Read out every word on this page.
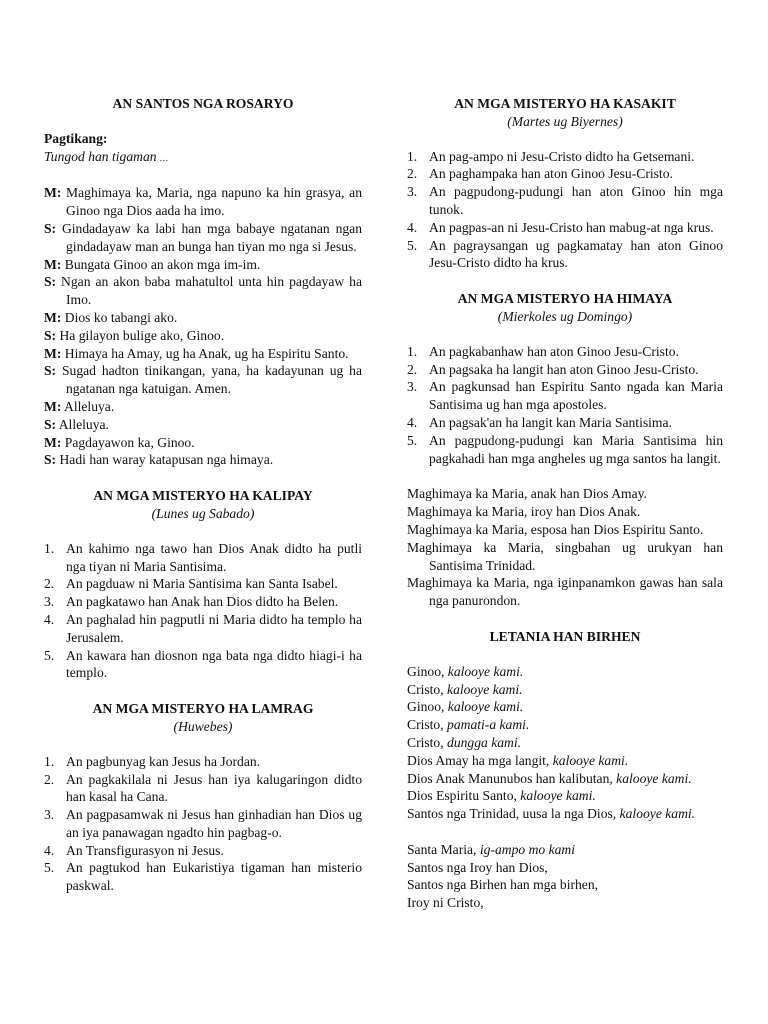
AN SANTOS NGA ROSARYO

Pagtikang:

Tungod han tigaman …

M: Maghimaya ka, Maria, nga napuno ka hin grasya, an Ginoo nga Dios aada ha imo.

S: Gindadayaw ka labi han mga babaye ngatanan ngan gindadayaw man an bunga han tiyan mo nga si Jesus.

M: Bungata Ginoo an akon mga im-im.

S: Ngan an akon baba mahatultol unta hin pagdayaw ha Imo.

M: Dios ko tabangi ako.

S: Ha gilayon bulige ako, Ginoo.

M: Himaya ha Amay, ug ha Anak, ug ha Espiritu Santo.

S: Sugad hadton tinikangan, yana, ha kadayunan ug ha ngatanan nga katuigan. Amen.

M: Alleluya.

S: Alleluya.

M: Pagdayawon ka, Ginoo.

S: Hadi han waray katapusan nga himaya.

AN MGA MISTERYO HA KALIPAY

(Lunes ug Sabado)

1. An kahimo nga tawo han Dios Anak didto ha putli nga tiyan ni Maria Santisima.
2. An pagduaw ni Maria Santisima kan Santa Isabel.
3. An pagkatawo han Anak han Dios didto ha Belen.
4. An paghalad hin pagputli ni Maria didto ha templo ha Jerusalem.
5. An kawara han diosnon nga bata nga didto hiagi-i ha templo.

AN MGA MISTERYO HA LAMRAG

(Huwebes)

1. An pagbunyag kan Jesus ha Jordan.
2. An pagkakilala ni Jesus han iya kalugaringon didto han kasal ha Cana.
3. An pagpasamwak ni Jesus han ginhadian han Dios ug an iya panawagan ngadto hin pagbag-o.
4. An Transfigurasyon ni Jesus.
5. An pagtukod han Eukaristiya tigaman han misterio paskwal.

AN MGA MISTERYO HA KASAKIT

(Martes ug Biyernes)

1. An pag-ampo ni Jesu-Cristo didto ha Getsemani.
2. An paghampaka han aton Ginoo Jesu-Cristo.
3. An pagpudong-pudungi han aton Ginoo hin mga tunok.
4. An pagpas-an ni Jesu-Cristo han mabug-at nga krus.
5. An pagraysangan ug pagkamatay han aton Ginoo Jesu-Cristo didto ha krus.

AN MGA MISTERYO HA HIMAYA

(Mierkoles ug Domingo)

1. An pagkabanhaw han aton Ginoo Jesu-Cristo.
2. An pagsaka ha langit han aton Ginoo Jesu-Cristo.
3. An pagkunsad han Espiritu Santo ngada kan Maria Santisima ug han mga apostoles.
4. An pagsak'an ha langit kan Maria Santisima.
5. An pagpudong-pudungi kan Maria Santisima hin pagkahadi han mga angheles ug mga santos ha langit.

Maghimaya ka Maria, anak han Dios Amay.

Maghimaya ka Maria, iroy han Dios Anak.

Maghimaya ka Maria, esposa han Dios Espiritu Santo.

Maghimaya ka Maria, singbahan ug urukyan han Santisima Trinidad.

Maghimaya ka Maria, nga iginpanamkon gawas han sala nga panurondon.

LETANIA HAN BIRHEN

Ginoo, kalooye kami.

Cristo, kalooye kami.

Ginoo, kalooye kami.

Cristo, pamati-a kami.

Cristo, dungga kami.

Dios Amay ha mga langit, kalooye kami.

Dios Anak Manunubos han kalibutan, kalooye kami.

Dios Espiritu Santo, kalooye kami.

Santos nga Trinidad, uusa la nga Dios, kalooye kami.

Santa Maria, ig-ampo mo kami

Santos nga Iroy han Dios,

Santos nga Birhen han mga birhen,

Iroy ni Cristo,
